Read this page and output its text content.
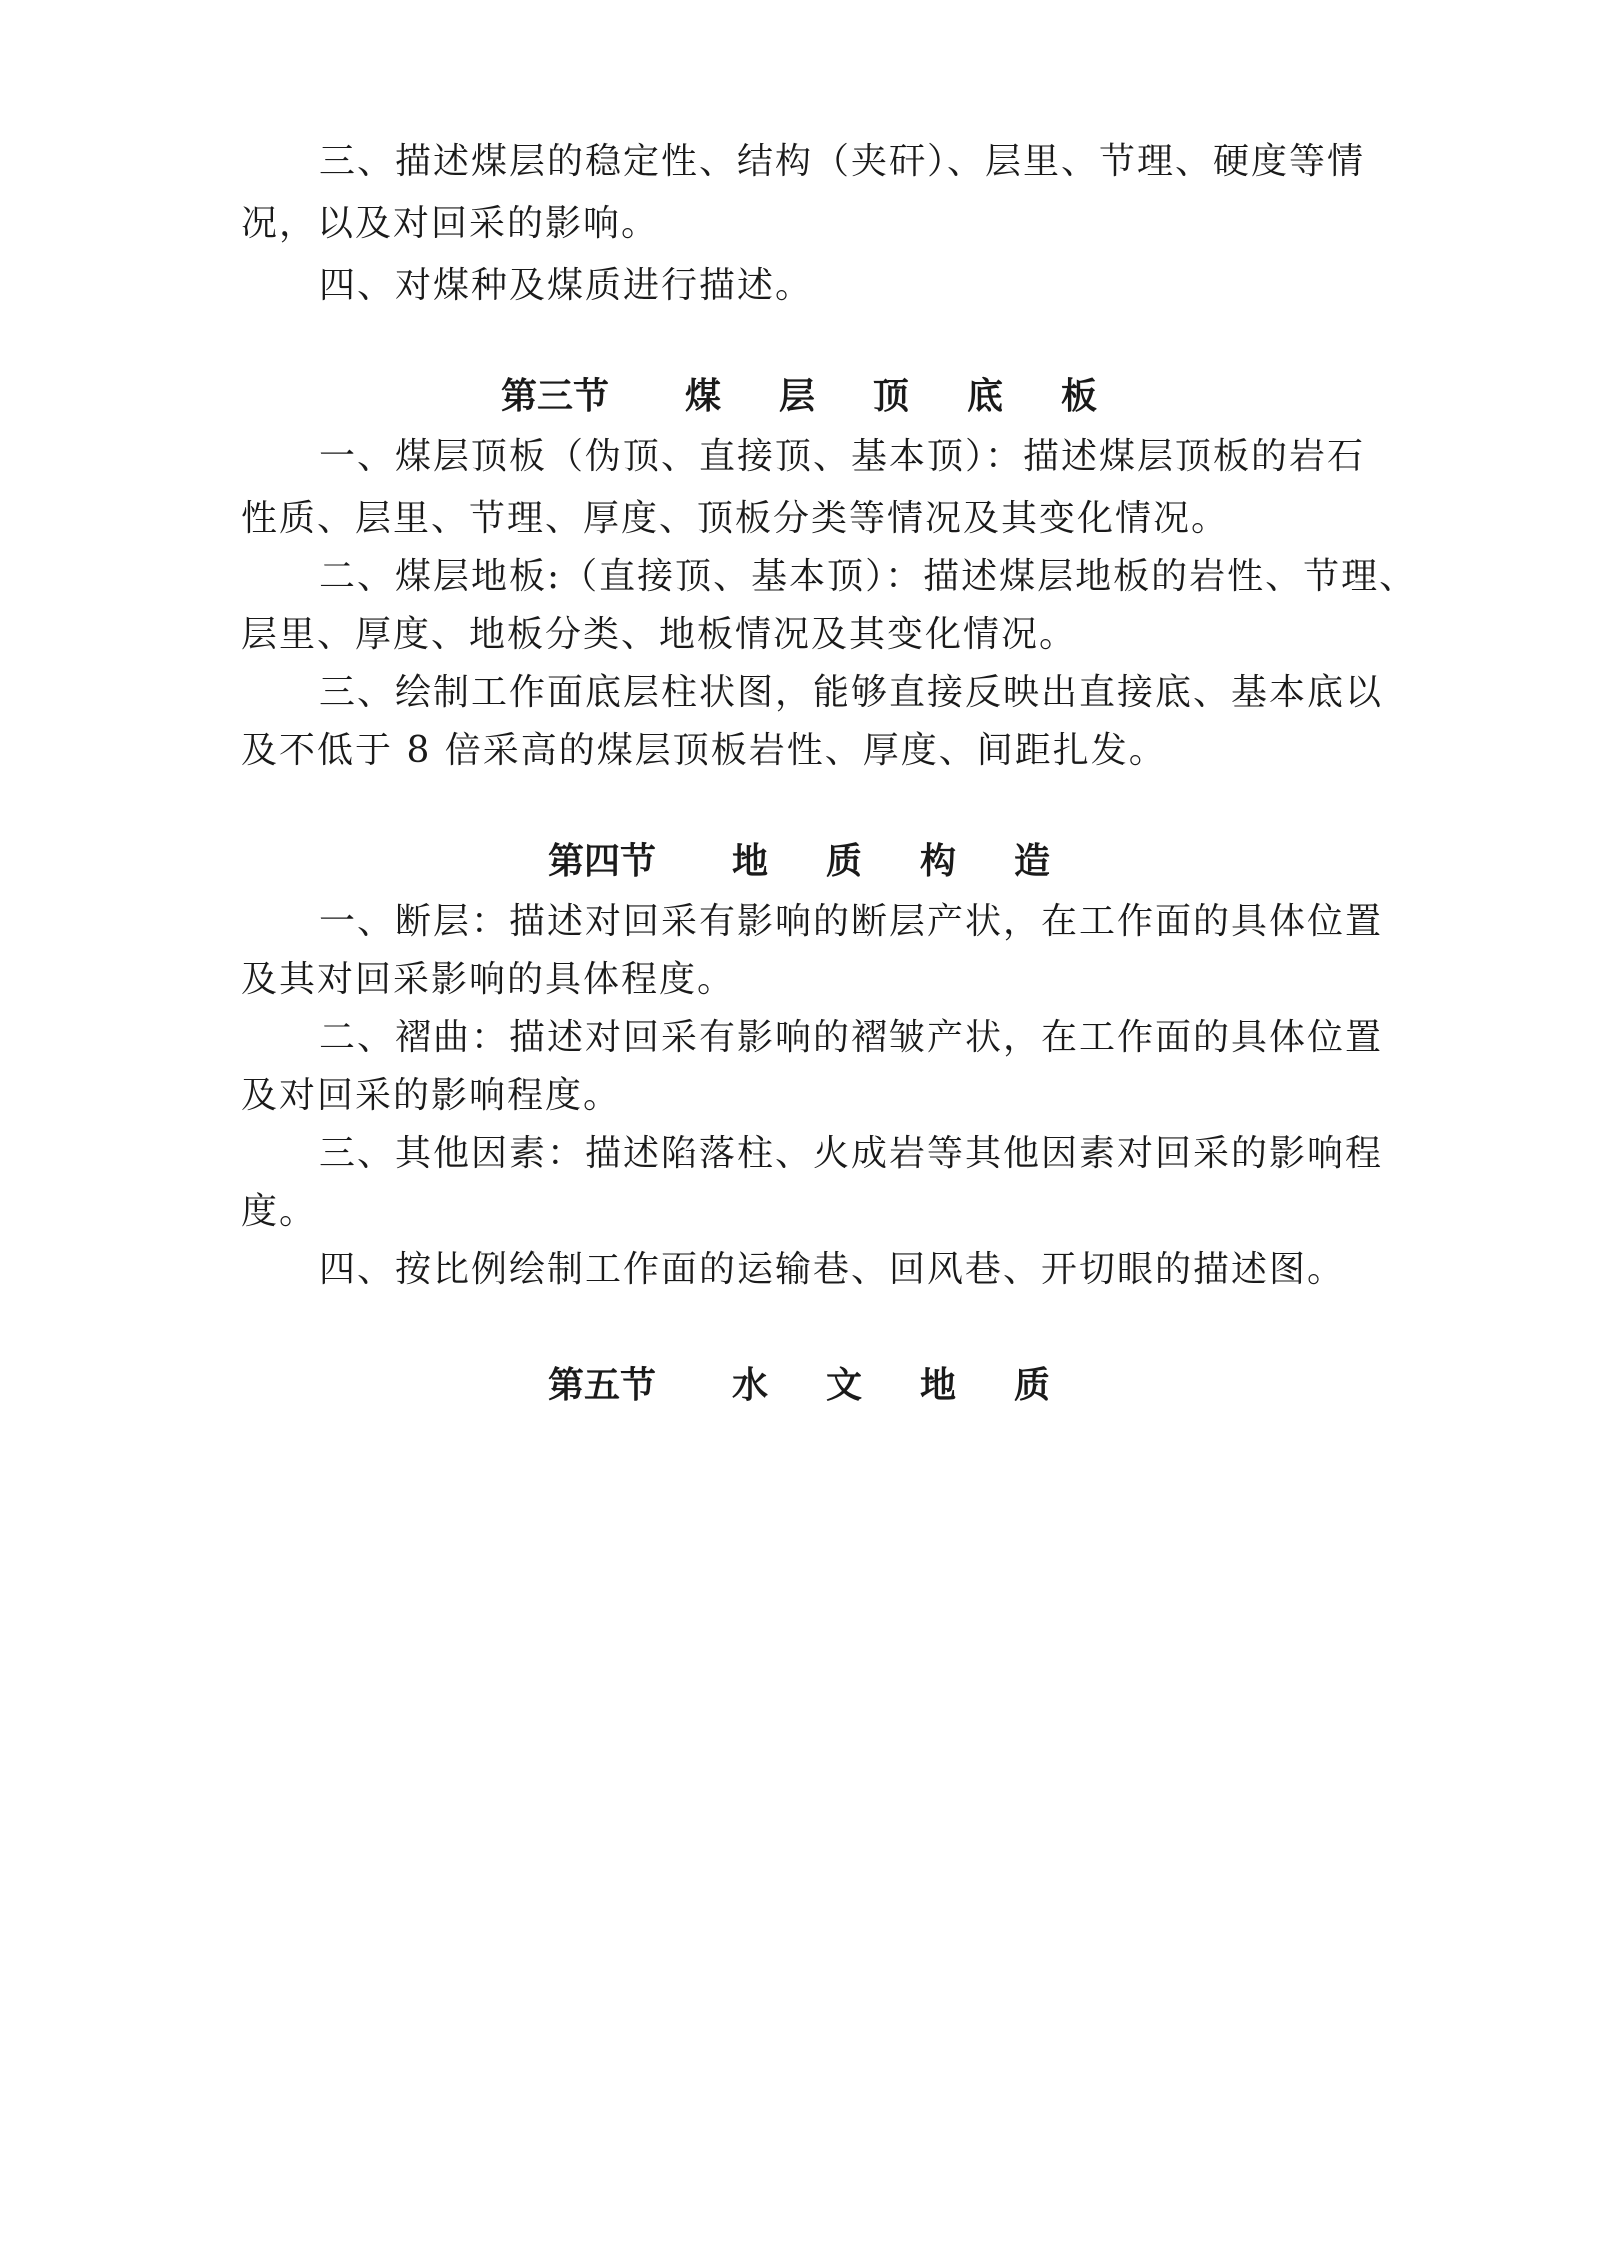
三、描述煤层的稳定性、结构（夹矸）、层里、节理、硬度等情
况，以及对回采的影响。
四、对煤种及煤质进行描述。
第三节 煤 层 顶 底 板
一、煤层顶板（伪顶、直接顶、基本顶）：描述煤层顶板的岩石
性质、层里、节理、厚度、顶板分类等情况及其变化情况。
二、煤层地板:（直接顶、基本顶）：描述煤层地板的岩性、节理、
层里、厚度、地板分类、地板情况及其变化情况。
三、绘制工作面底层柱状图，能够直接反映出直接底、基本底以
及不低于 8 倍采高的煤层顶板岩性、厚度、间距扎发。
第四节 地 质 构 造
一、断层：描述对回采有影响的断层产状，在工作面的具体位置
及其对回采影响的具体程度。
二、褶曲：描述对回采有影响的褶皱产状，在工作面的具体位置
及对回采的影响程度。
三、其他因素：描述陷落柱、火成岩等其他因素对回采的影响程
度。
四、按比例绘制工作面的运输巷、回风巷、开切眼的描述图。
第五节 水 文 地 质
